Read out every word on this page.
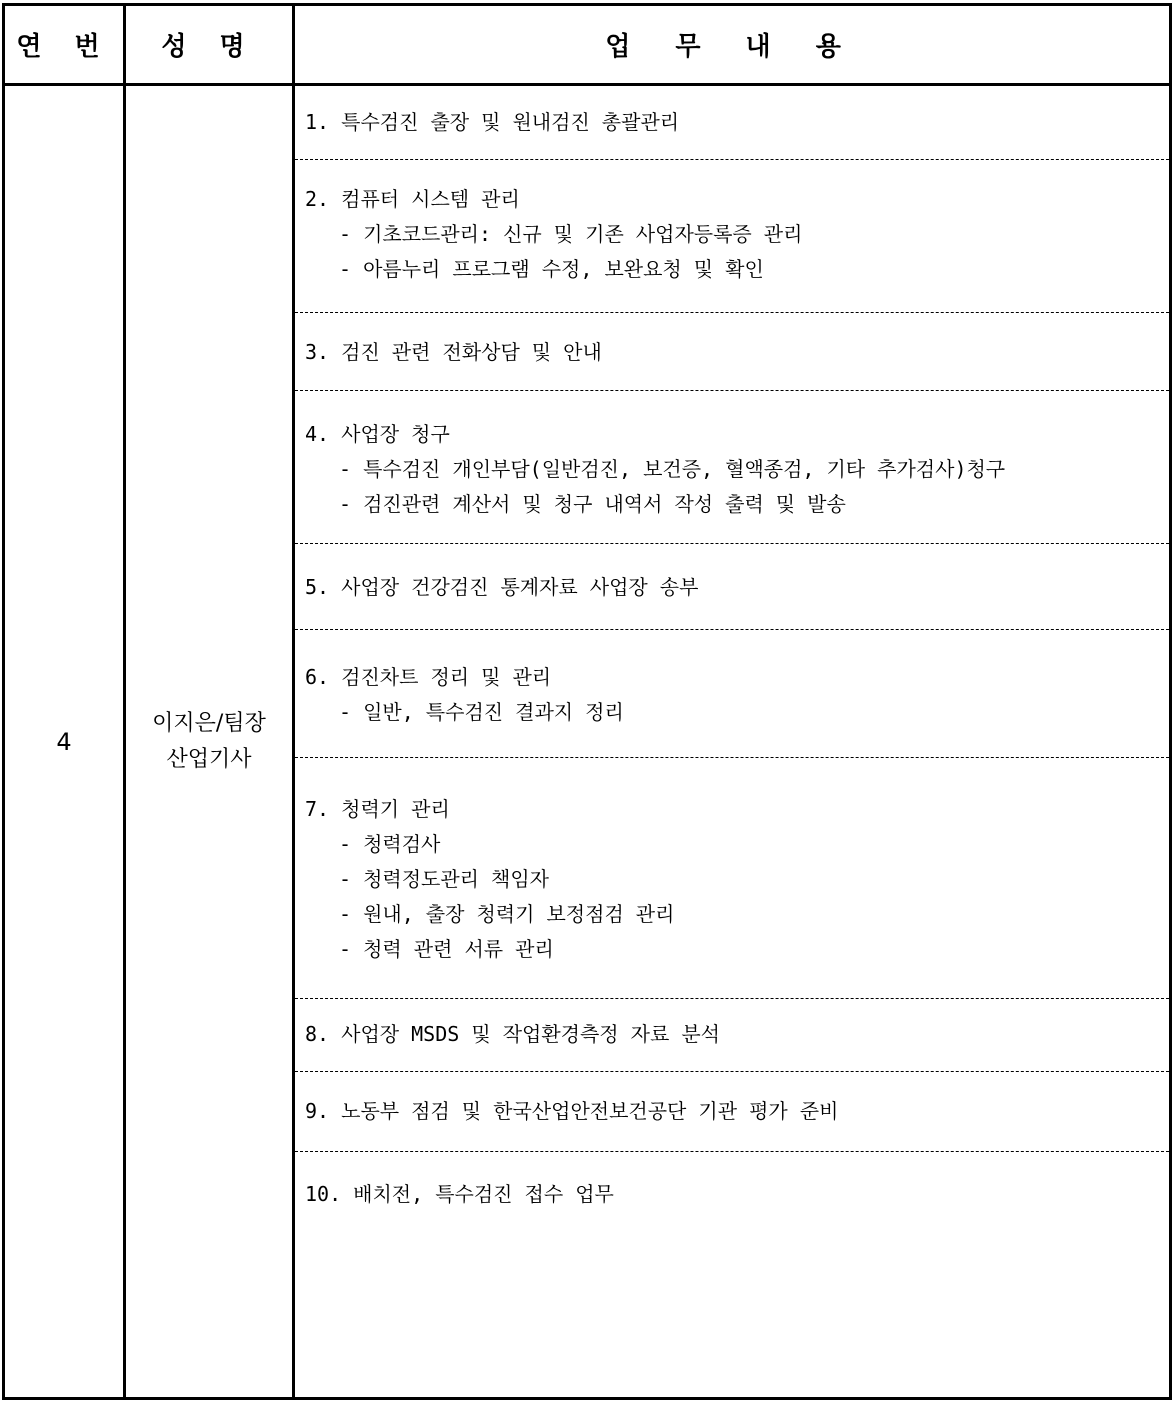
연 번	성 명	업 무 내 용
4
이지은/팀장
산업기사
1. 특수검진 출장 및 원내검진 총괄관리
2. 컴퓨터 시스템 관리
- 기초코드관리: 신규 및 기존 사업자등록증 관리
- 아름누리 프로그램 수정, 보완요청 및 확인
3. 검진 관련 전화상담 및 안내
4. 사업장 청구
- 특수검진 개인부담(일반검진, 보건증, 혈액종검, 기타 추가검사)청구
- 검진관련 계산서 및 청구 내역서 작성 출력 및 발송
5. 사업장 건강검진 통계자료 사업장 송부
6. 검진차트 정리 및 관리
- 일반, 특수검진 결과지 정리
7. 청력기 관리
- 청력검사
- 청력정도관리 책임자
- 원내, 출장 청력기 보정점검 관리
- 청력 관련 서류 관리
8. 사업장 MSDS 및 작업환경측정 자료 분석
9. 노동부 점검 및 한국산업안전보건공단 기관 평가 준비
10. 배치전, 특수검진 접수 업무
